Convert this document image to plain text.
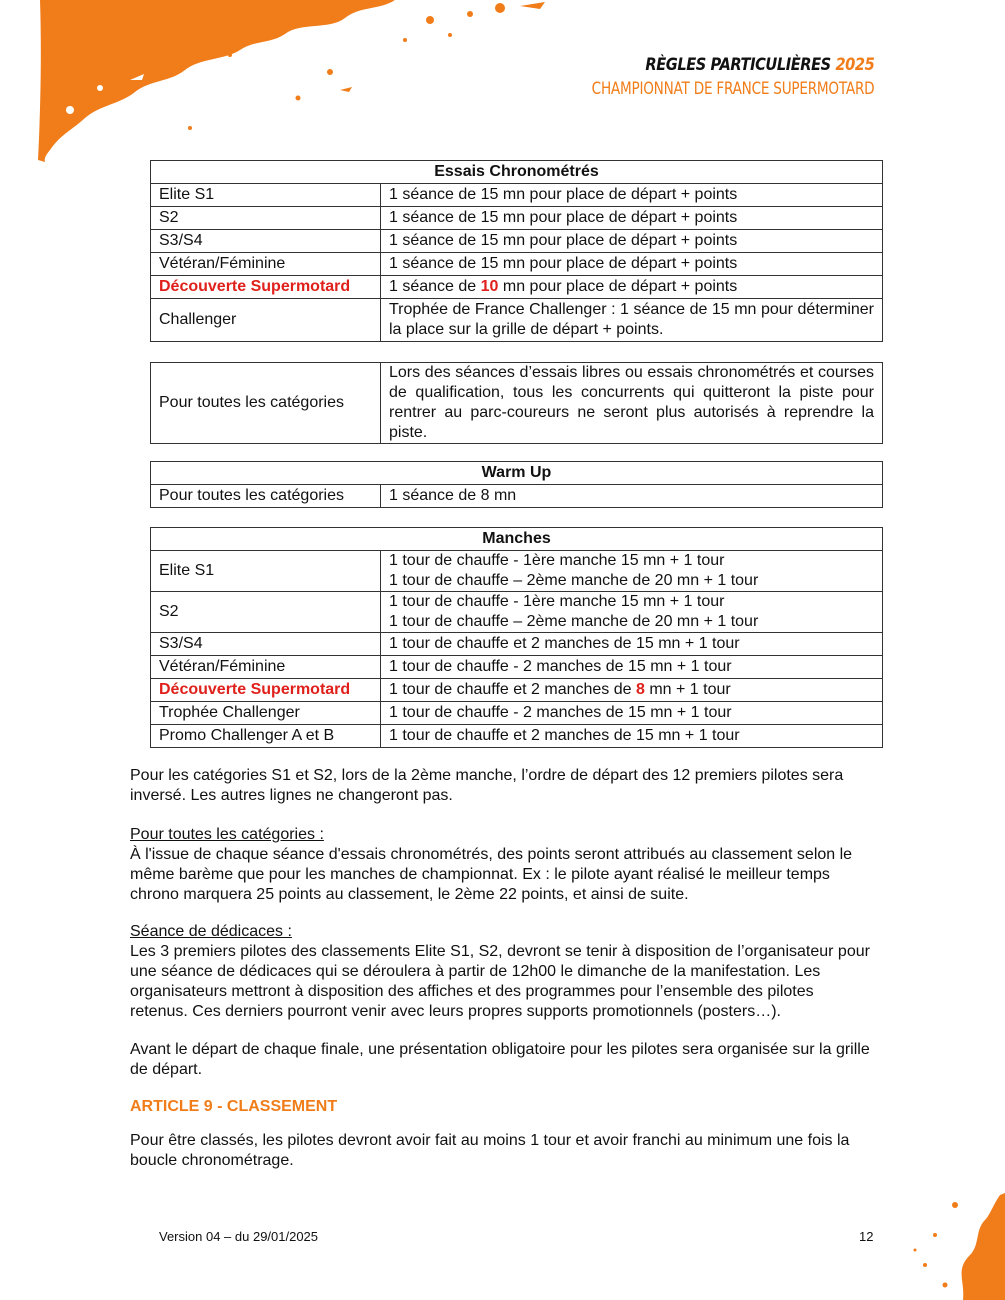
RÈGLES PARTICULIÈRES 2025
CHAMPIONNAT DE FRANCE SUPERMOTARD
Essais Chronométrés	
Elite S1	1 séance de 15 mn pour place de départ + points
S2	1 séance de 15 mn pour place de départ + points
S3/S4	1 séance de 15 mn pour place de départ + points
Vétéran/Féminine	1 séance de 15 mn pour place de départ + points
Découverte Supermotard	1 séance de 10 mn pour place de départ + points
Challenger	Trophée de France Challenger : 1 séance de 15 mn pour déterminer la place sur la grille de départ + points.
Pour toutes les catégories	Lors des séances d’essais libres ou essais chronométrés et courses de qualification, tous les concurrents qui quitteront la piste pour rentrer au parc-coureurs ne seront plus autorisés à reprendre la piste.
Warm Up
Pour toutes les catégories	1 séance de 8 mn
Manches	
Elite S1	1 tour de chauffe - 1ère manche 15 mn + 1 tour
1 tour de chauffe – 2ème manche de 20 mn + 1 tour

S2	1 tour de chauffe - 1ère manche 15 mn + 1 tour
1 tour de chauffe – 2ème manche de 20 mn + 1 tour

S3/S4	1 tour de chauffe et 2 manches de 15 mn + 1 tour
Vétéran/Féminine	1 tour de chauffe - 2 manches de 15 mn + 1 tour
Découverte Supermotard	1 tour de chauffe et 2 manches de 8 mn + 1 tour
Trophée Challenger	1 tour de chauffe - 2 manches de 15 mn + 1 tour
Promo Challenger A et B	1 tour de chauffe et 2 manches de 15 mn + 1 tour

Pour les catégories S1 et S2, lors de la 2ème manche, l’ordre de départ des 12 premiers pilotes sera inversé. Les autres lignes ne changeront pas.

Pour toutes les catégories :
À l'issue de chaque séance d'essais chronométrés, des points seront attribués au classement selon le même barème que pour les manches de championnat. Ex : le pilote ayant réalisé le meilleur temps chrono marquera 25 points au classement, le 2ème 22 points, et ainsi de suite.
Séance de dédicaces :
Les 3 premiers pilotes des classements Elite S1, S2, devront se tenir à disposition de l’organisateur pour une séance de dédicaces qui se déroulera à partir de 12h00 le dimanche de la manifestation. Les organisateurs mettront à disposition des affiches et des programmes pour l’ensemble des pilotes retenus. Ces derniers pourront venir avec leurs propres supports promotionnels (posters…).

Avant le départ de chaque finale, une présentation obligatoire pour les pilotes sera organisée sur la grille de départ.

ARTICLE 9 - CLASSEMENT

Pour être classés, les pilotes devront avoir fait au moins 1 tour et avoir franchi au minimum une fois la boucle chronométrage.

Version 04 – du 29/01/2025	12
